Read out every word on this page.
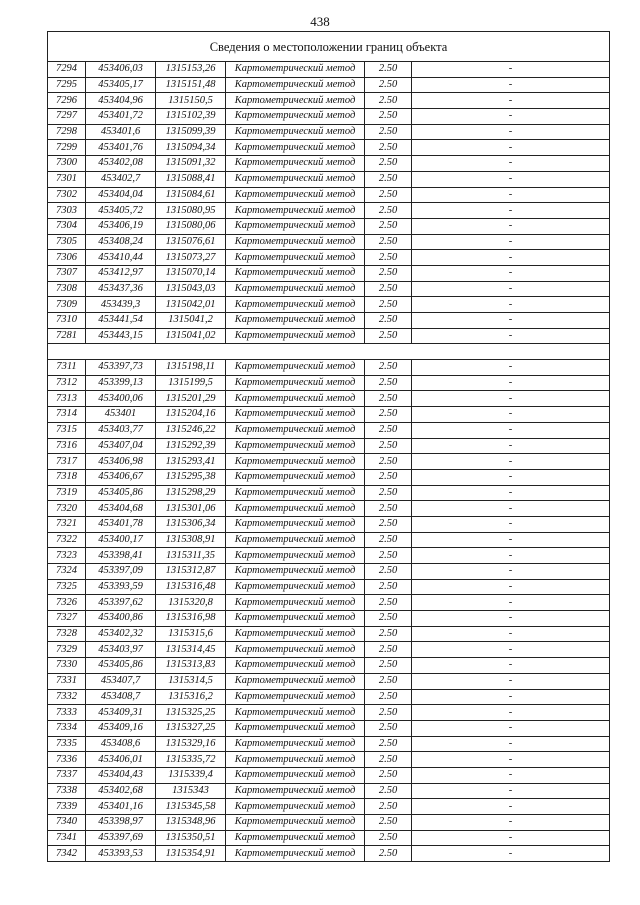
438
Сведения о местоположении границ объекта					
7294	453406,03	1315153,26	Картометрический метод	2.50	-
7295	453405,17	1315151,48	Картометрический метод	2.50	-
7296	453404,96	1315150,5	Картометрический метод	2.50	-
7297	453401,72	1315102,39	Картометрический метод	2.50	-
7298	453401,6	1315099,39	Картометрический метод	2.50	-
7299	453401,76	1315094,34	Картометрический метод	2.50	-
7300	453402,08	1315091,32	Картометрический метод	2.50	-
7301	453402,7	1315088,41	Картометрический метод	2.50	-
7302	453404,04	1315084,61	Картометрический метод	2.50	-
7303	453405,72	1315080,95	Картометрический метод	2.50	-
7304	453406,19	1315080,06	Картометрический метод	2.50	-
7305	453408,24	1315076,61	Картометрический метод	2.50	-
7306	453410,44	1315073,27	Картометрический метод	2.50	-
7307	453412,97	1315070,14	Картометрический метод	2.50	-
7308	453437,36	1315043,03	Картометрический метод	2.50	-
7309	453439,3	1315042,01	Картометрический метод	2.50	-
7310	453441,54	1315041,2	Картометрический метод	2.50	-
7281	453443,15	1315041,02	Картометрический метод	2.50	-

7311	453397,73	1315198,11	Картометрический метод	2.50	-
7312	453399,13	1315199,5	Картометрический метод	2.50	-
7313	453400,06	1315201,29	Картометрический метод	2.50	-
7314	453401	1315204,16	Картометрический метод	2.50	-
7315	453403,77	1315246,22	Картометрический метод	2.50	-
7316	453407,04	1315292,39	Картометрический метод	2.50	-
7317	453406,98	1315293,41	Картометрический метод	2.50	-
7318	453406,67	1315295,38	Картометрический метод	2.50	-
7319	453405,86	1315298,29	Картометрический метод	2.50	-
7320	453404,68	1315301,06	Картометрический метод	2.50	-
7321	453401,78	1315306,34	Картометрический метод	2.50	-
7322	453400,17	1315308,91	Картометрический метод	2.50	-
7323	453398,41	1315311,35	Картометрический метод	2.50	-
7324	453397,09	1315312,87	Картометрический метод	2.50	-
7325	453393,59	1315316,48	Картометрический метод	2.50	-
7326	453397,62	1315320,8	Картометрический метод	2.50	-
7327	453400,86	1315316,98	Картометрический метод	2.50	-
7328	453402,32	1315315,6	Картометрический метод	2.50	-
7329	453403,97	1315314,45	Картометрический метод	2.50	-
7330	453405,86	1315313,83	Картометрический метод	2.50	-
7331	453407,7	1315314,5	Картометрический метод	2.50	-
7332	453408,7	1315316,2	Картометрический метод	2.50	-
7333	453409,31	1315325,25	Картометрический метод	2.50	-
7334	453409,16	1315327,25	Картометрический метод	2.50	-
7335	453408,6	1315329,16	Картометрический метод	2.50	-
7336	453406,01	1315335,72	Картометрический метод	2.50	-
7337	453404,43	1315339,4	Картометрический метод	2.50	-
7338	453402,68	1315343	Картометрический метод	2.50	-
7339	453401,16	1315345,58	Картометрический метод	2.50	-
7340	453398,97	1315348,96	Картометрический метод	2.50	-
7341	453397,69	1315350,51	Картометрический метод	2.50	-
7342	453393,53	1315354,91	Картометрический метод	2.50	-
